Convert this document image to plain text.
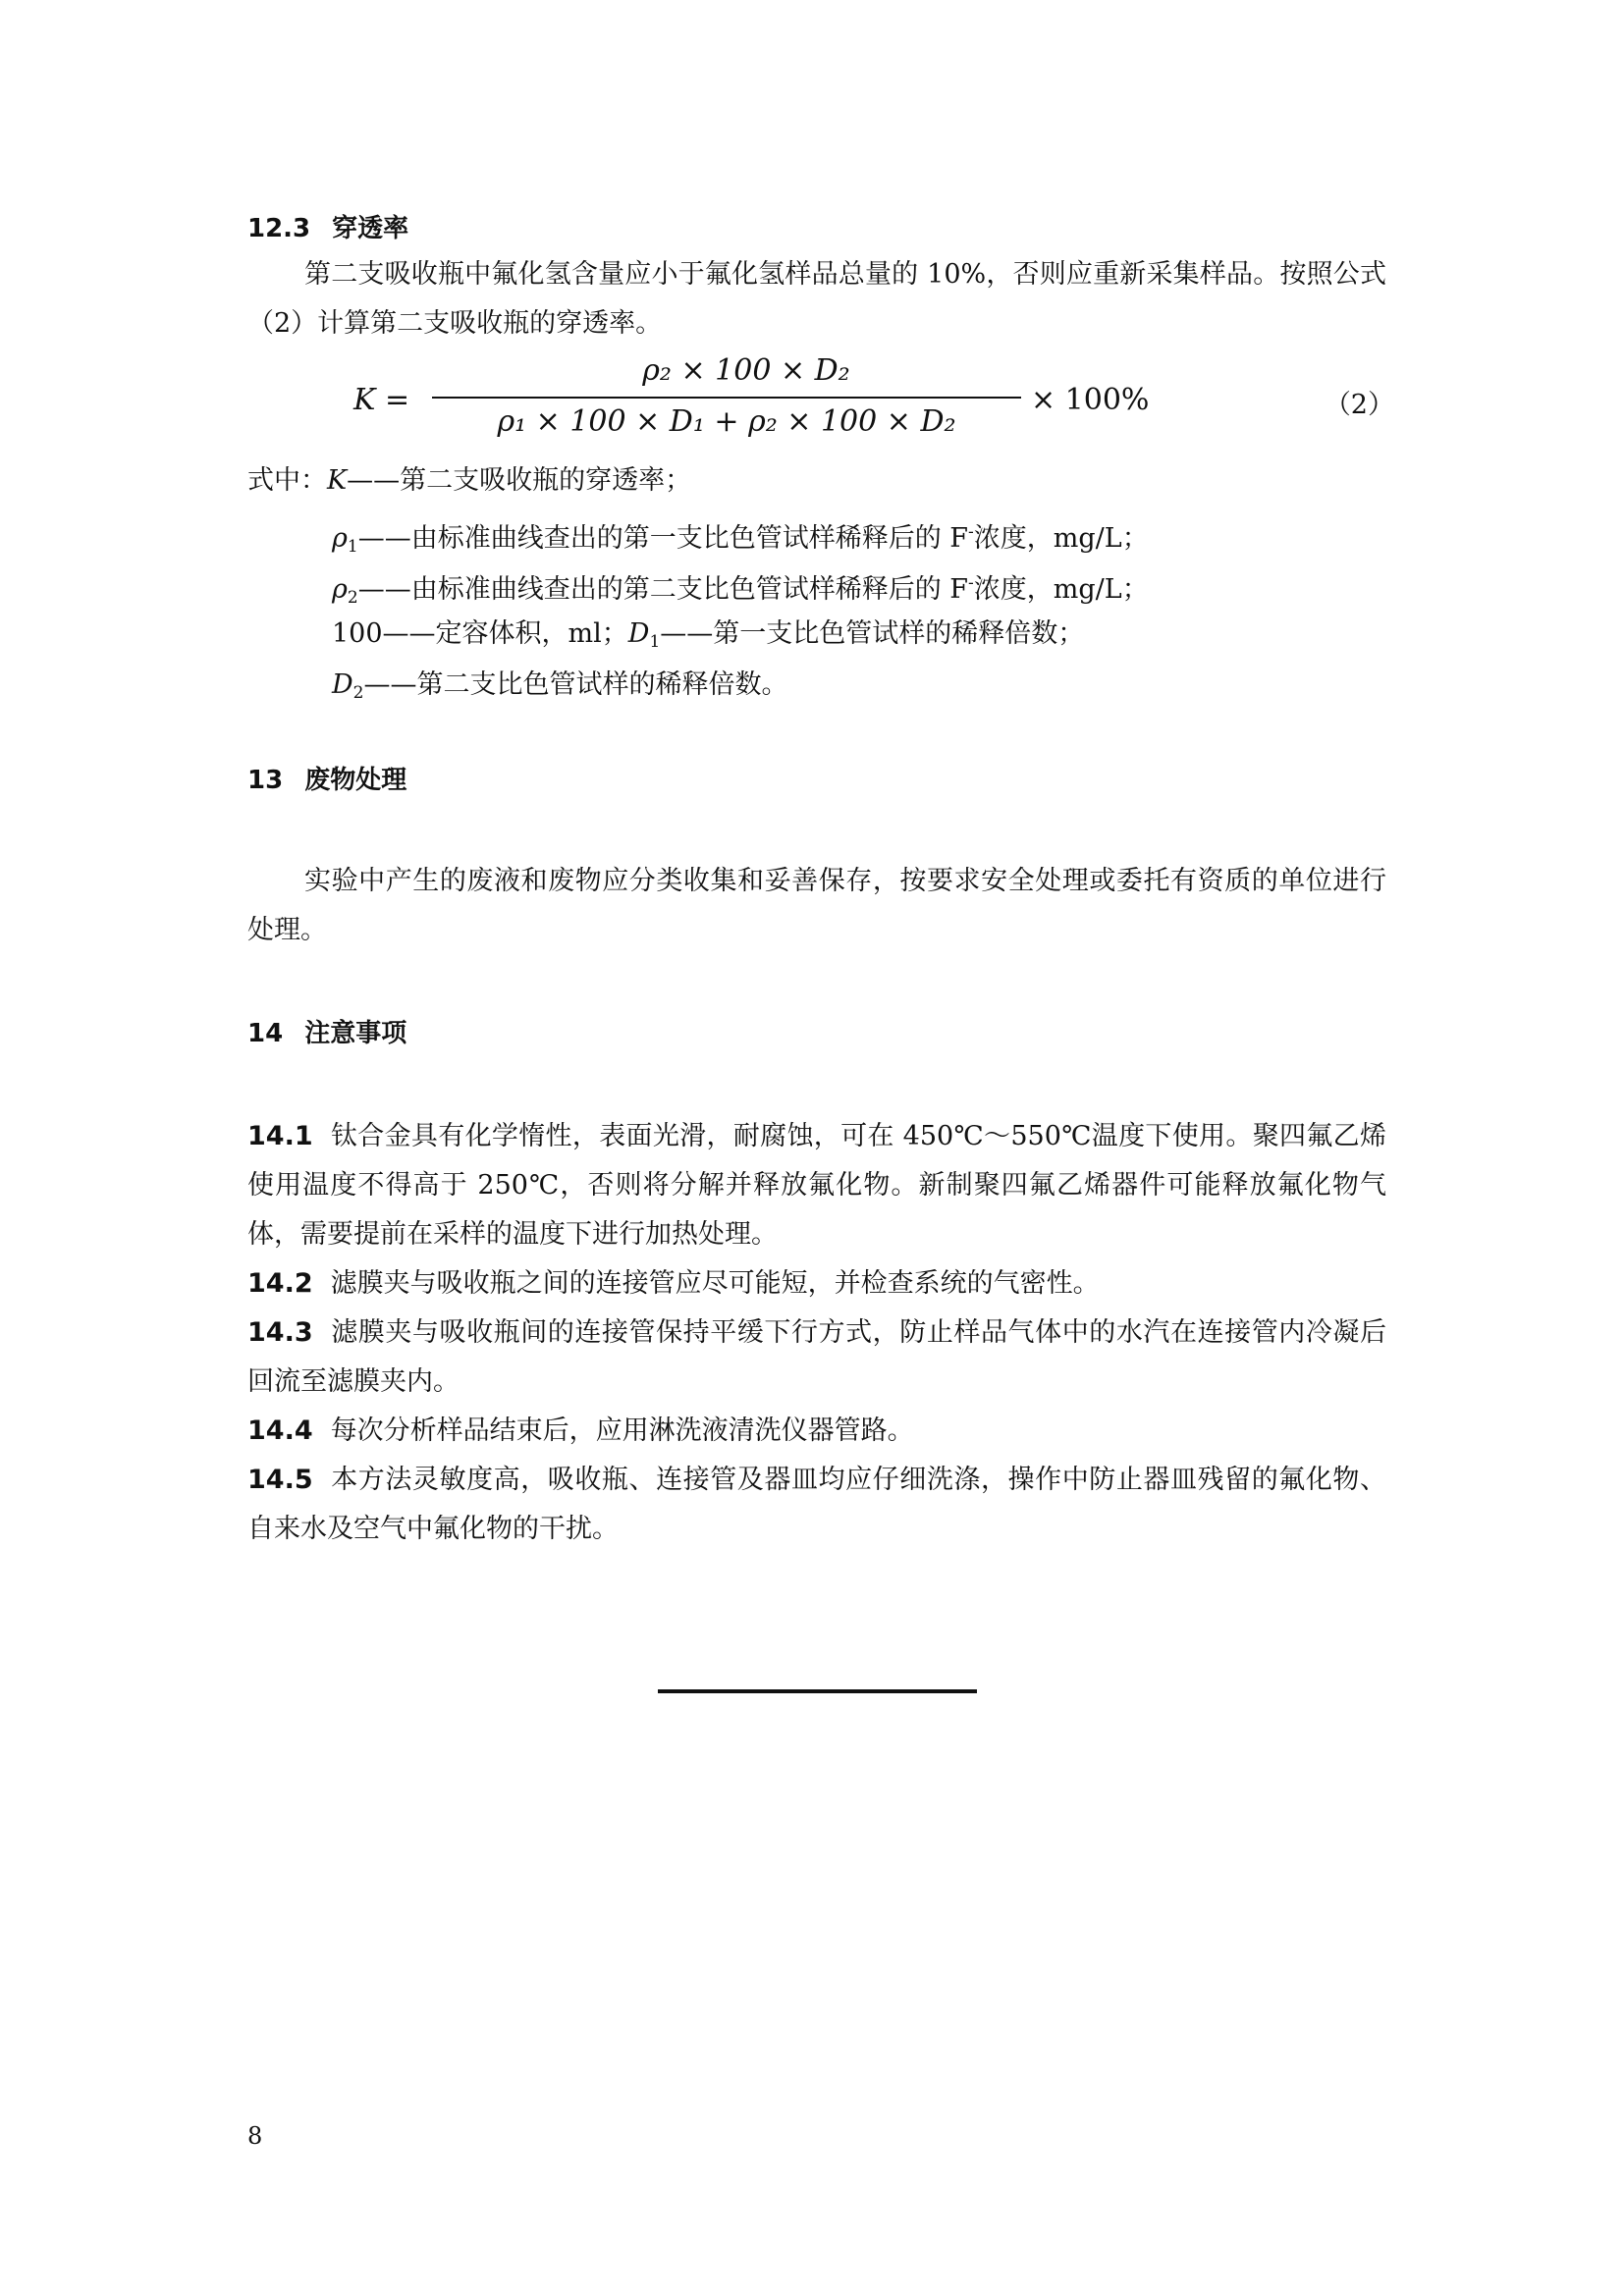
12.3 穿透率
第二支吸收瓶中氟化氢含量应小于氟化氢样品总量的 10%，否则应重新采集样品。按照公式（2）计算第二支吸收瓶的穿透率。
K =
ρ₂ × 100 × D₂
ρ₁ × 100 × D₁ + ρ₂ × 100 × D₂
× 100%	（2）
式中：K——第二支吸收瓶的穿透率；
$\rho_1——$由标准曲线查出的第一支比色管试样稀释后的 F-浓度，mg/L；
$\rho_2——$由标准曲线查出的第二支比色管试样稀释后的 F-浓度，mg/L；
100——定容体积，ml；$D_1——$第一支比色管试样的稀释倍数；
$D_2——$第二支比色管试样的稀释倍数。
13 废物处理
实验中产生的废液和废物应分类收集和妥善保存，按要求安全处理或委托有资质的单位进行处理。
14 注意事项
14.1 钛合金具有化学惰性，表面光滑，耐腐蚀，可在 450℃～550℃温度下使用。聚四氟乙烯使用温度不得高于 250℃，否则将分解并释放氟化物。新制聚四氟乙烯器件可能释放氟化物气体，需要提前在采样的温度下进行加热处理。
14.2 滤膜夹与吸收瓶之间的连接管应尽可能短，并检查系统的气密性。
14.3 滤膜夹与吸收瓶间的连接管保持平缓下行方式，防止样品气体中的水汽在连接管内冷凝后回流至滤膜夹内。
14.4 每次分析样品结束后，应用淋洗液清洗仪器管路。
14.5 本方法灵敏度高，吸收瓶、连接管及器皿均应仔细洗涤，操作中防止器皿残留的氟化物、自来水及空气中氟化物的干扰。
8
